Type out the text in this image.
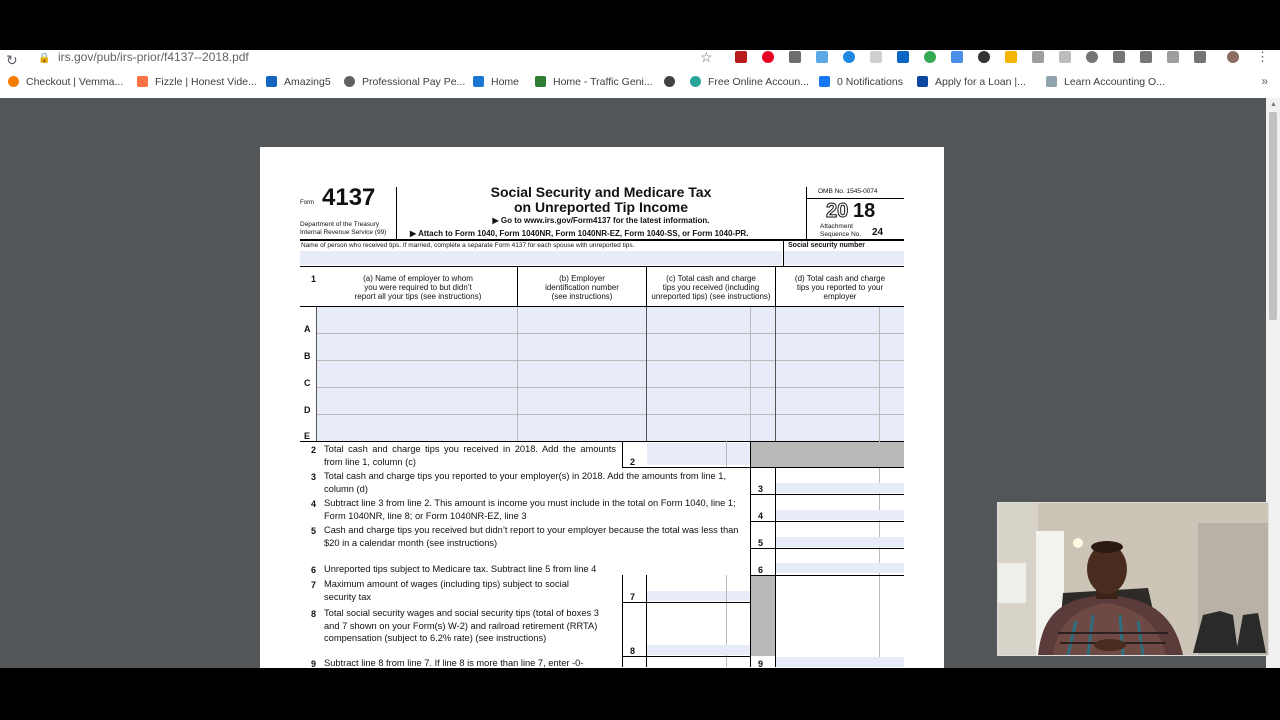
↻ 🔒 irs.gov/pub/irs-prior/f4137--2018.pdf	☆	⋮
Checkout | Vemma...	Fizzle | Honest Vide...	Amazing5	Professional Pay Pe...	Home	Home - Traffic Geni...	Free Online Accoun...	0 Notifications	Apply for a Loan |...	Learn Accounting O...	»
Form 4137
Department of the Treasury
Internal Revenue Service (99)
Social Security and Medicare Tax
on Unreported Tip Income
▶ Go to www.irs.gov/Form4137 for the latest information.
▶ Attach to Form 1040, Form 1040NR, Form 1040NR-EZ, Form 1040-SS, or Form 1040-PR.
OMB No. 1545-0074
20 18
Attachment
Sequence No. 24
Name of person who received tips. If married, complete a separate Form 4137 for each spouse with unreported tips.	Social security number
1	(a) Name of employer to whom
you were required to but didn’t
report all your tips (see instructions)
(b) Employer
identification number
(see instructions)
(c) Total cash and charge
tips you received (including
unreported tips) (see instructions)
(d) Total cash and charge
tips you reported to your
employer
A
B
C
D
E
2 Total cash and charge tips you received in 2018. Add the amounts from line 1, column (c)	2
3 Total cash and charge tips you reported to your employer(s) in 2018. Add the amounts from line 1, column (d)	3
4 Subtract line 3 from line 2. This amount is income you must include in the total on Form 1040, line 1; Form 1040NR, line 8; or Form 1040NR-EZ, line 3	4
5 Cash and charge tips you received but didn’t report to your employer because the total was less than $20 in a calendar month (see instructions)	5
6 Unreported tips subject to Medicare tax. Subtract line 5 from line 4	6
7 Maximum amount of wages (including tips) subject to social security tax	7
8 Total social security wages and social security tips (total of boxes 3 and 7 shown on your Form(s) W-2) and railroad retirement (RRTA) compensation (subject to 6.2% rate) (see instructions)
8
9 Subtract line 8 from line 7. If line 8 is more than line 7, enter -0-	9
▲
